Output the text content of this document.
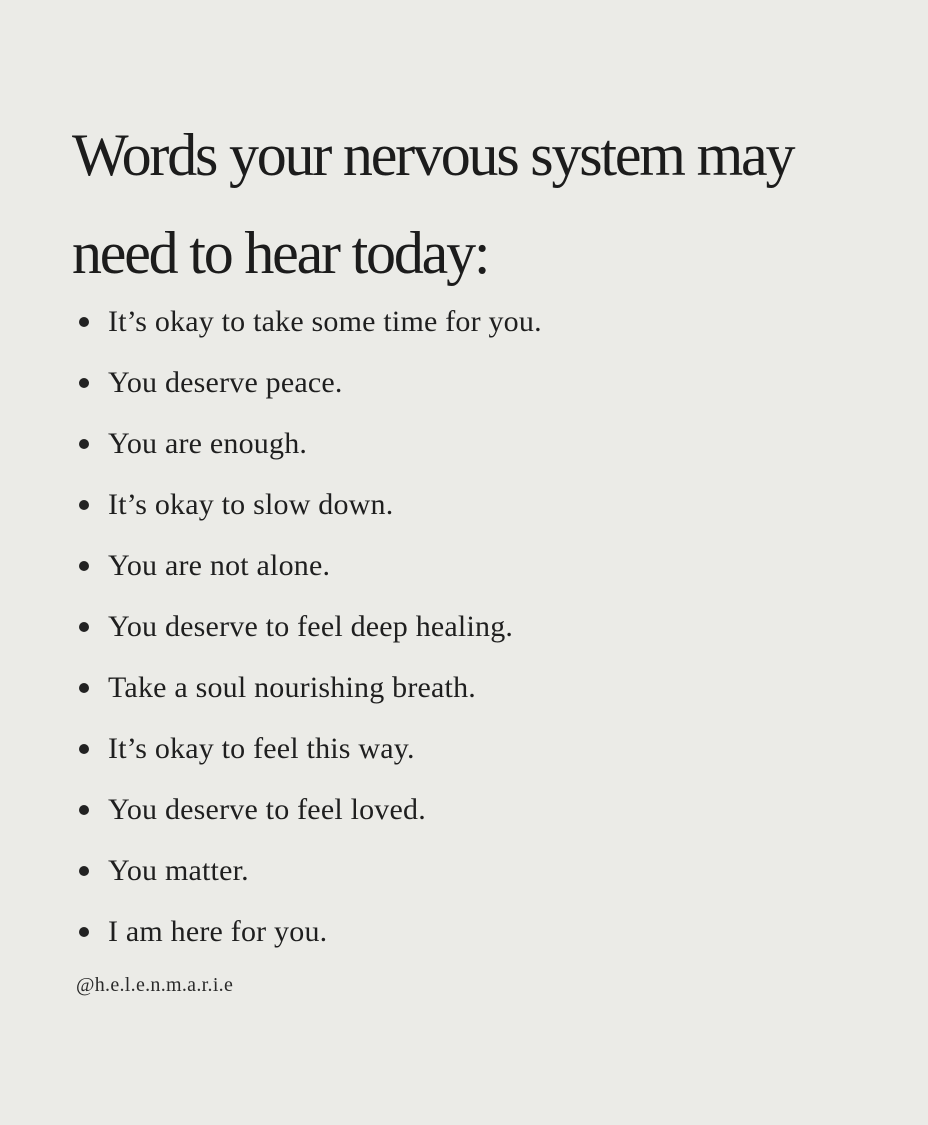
Words your nervous system may need to hear today:
It’s okay to take some time for you.
You deserve peace.
You are enough.
It’s okay to slow down.
You are not alone.
You deserve to feel deep healing.
Take a soul nourishing breath.
It’s okay to feel this way.
You deserve to feel loved.
You matter.
I am here for you.
@h.e.l.e.n.m.a.r.i.e
